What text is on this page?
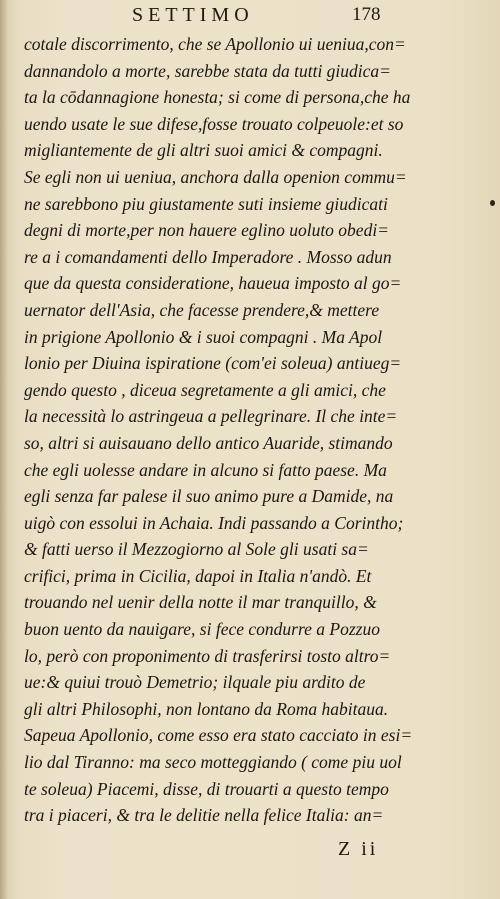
SETTIMO	178
cotale discorrimento, che se Apollonio ui ueniua,con=
dannandolo a morte, sarebbe stata da tutti giudica=
ta la cōdannagione honesta; si come di persona,che ha
uendo usate le sue difese,fosse trouato colpeuole:et so
migliantemente de gli altri suoi amici & compagni.
Se egli non ui ueniua, anchora dalla openion commu=
ne sarebbono piu giustamente suti insieme giudicati
degni di morte,per non hauere eglino uoluto obedi=
re a i comandamenti dello Imperadore . Mosso adun
que da questa consideratione, haueua imposto al go=
uernator dell'Asia, che facesse prendere,& mettere
in prigione Apollonio & i suoi compagni . Ma Apol
lonio per Diuina ispiratione (com'ei soleua) antiueg=
gendo questo , diceua segretamente a gli amici, che
la necessità lo astringeua a pellegrinare. Il che inte=
so, altri si auisauano dello antico Auaride, stimando
che egli uolesse andare in alcuno si fatto paese. Ma
egli senza far palese il suo animo pure a Damide, na
uigò con essolui in Achaia. Indi passando a Corintho;
& fatti uerso il Mezzogiorno al Sole gli usati sa=
crifici, prima in Cicilia, dapoi in Italia n'andò. Et
trouando nel uenir della notte il mar tranquillo, &
buon uento da nauigare, si fece condurre a Pozzuo
lo, però con proponimento di trasferirsi tosto altro=
ue:& quiui trouò Demetrio; ilquale piu ardito de
gli altri Philosophi, non lontano da Roma habitaua.
Sapeua Apollonio, come esso era stato cacciato in esi=
lio dal Tiranno: ma seco motteggiando ( come piu uol
te soleua) Piacemi, disse, di trouarti a questo tempo
tra i piaceri, & tra le delitie nella felice Italia: an=
Z ii
